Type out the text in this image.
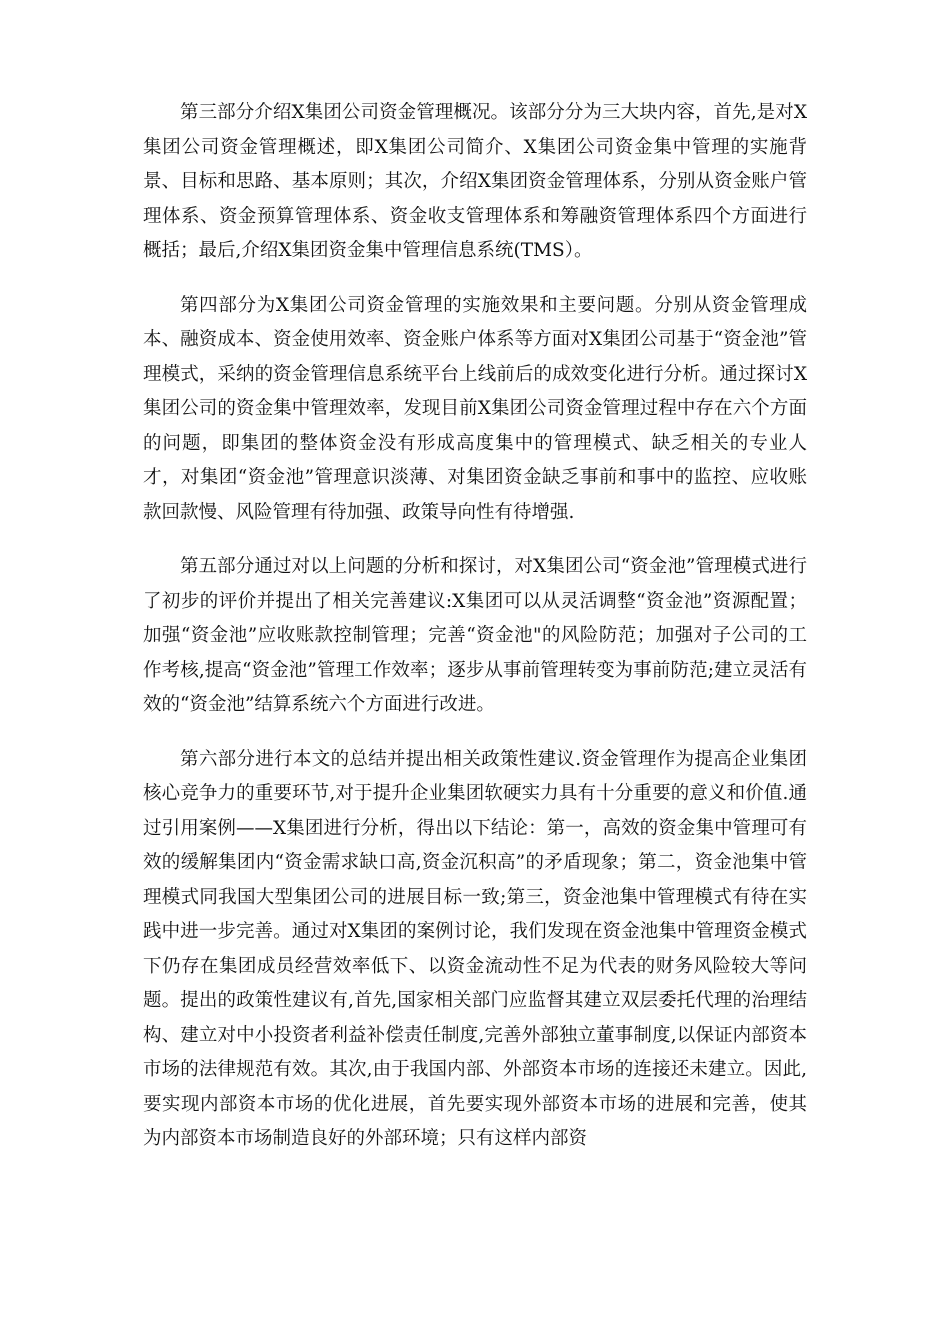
第三部分介绍X集团公司资金管理概况。该部分分为三大块内容，首先,是对X集团公司资金管理概述，即X集团公司简介、X集团公司资金集中管理的实施背景、目标和思路、基本原则；其次，介绍X集团资金管理体系，分别从资金账户管理体系、资金预算管理体系、资金收支管理体系和筹融资管理体系四个方面进行概括；最后,介绍X集团资金集中管理信息系统(TMS）。

第四部分为X集团公司资金管理的实施效果和主要问题。分别从资金管理成本、融资成本、资金使用效率、资金账户体系等方面对X集团公司基于“资金池”管理模式，采纳的资金管理信息系统平台上线前后的成效变化进行分析。通过探讨X集团公司的资金集中管理效率，发现目前X集团公司资金管理过程中存在六个方面的问题，即集团的整体资金没有形成高度集中的管理模式、缺乏相关的专业人才，对集团“资金池”管理意识淡薄、对集团资金缺乏事前和事中的监控、应收账款回款慢、风险管理有待加强、政策导向性有待增强.

第五部分通过对以上问题的分析和探讨，对X集团公司“资金池”管理模式进行了初步的评价并提出了相关完善建议:X集团可以从灵活调整“资金池”资源配置；加强“资金池”应收账款控制管理；完善“资金池"的风险防范；加强对子公司的工作考核,提高“资金池”管理工作效率；逐步从事前管理转变为事前防范;建立灵活有效的“资金池”结算系统六个方面进行改进。

第六部分进行本文的总结并提出相关政策性建议.资金管理作为提高企业集团核心竞争力的重要环节,对于提升企业集团软硬实力具有十分重要的意义和价值.通过引用案例——X集团进行分析，得出以下结论：第一，高效的资金集中管理可有效的缓解集团内“资金需求缺口高,资金沉积高”的矛盾现象；第二，资金池集中管理模式同我国大型集团公司的进展目标一致;第三，资金池集中管理模式有待在实践中进一步完善。通过对X集团的案例讨论，我们发现在资金池集中管理资金模式下仍存在集团成员经营效率低下、以资金流动性不足为代表的财务风险较大等问题。提出的政策性建议有,首先,国家相关部门应监督其建立双层委托代理的治理结构、建立对中小投资者利益补偿责任制度,完善外部独立董事制度,以保证内部资本市场的法律规范有效。其次,由于我国内部、外部资本市场的连接还未建立。因此,要实现内部资本市场的优化进展，首先要实现外部资本市场的进展和完善，使其为内部资本市场制造良好的外部环境；只有这样内部资
